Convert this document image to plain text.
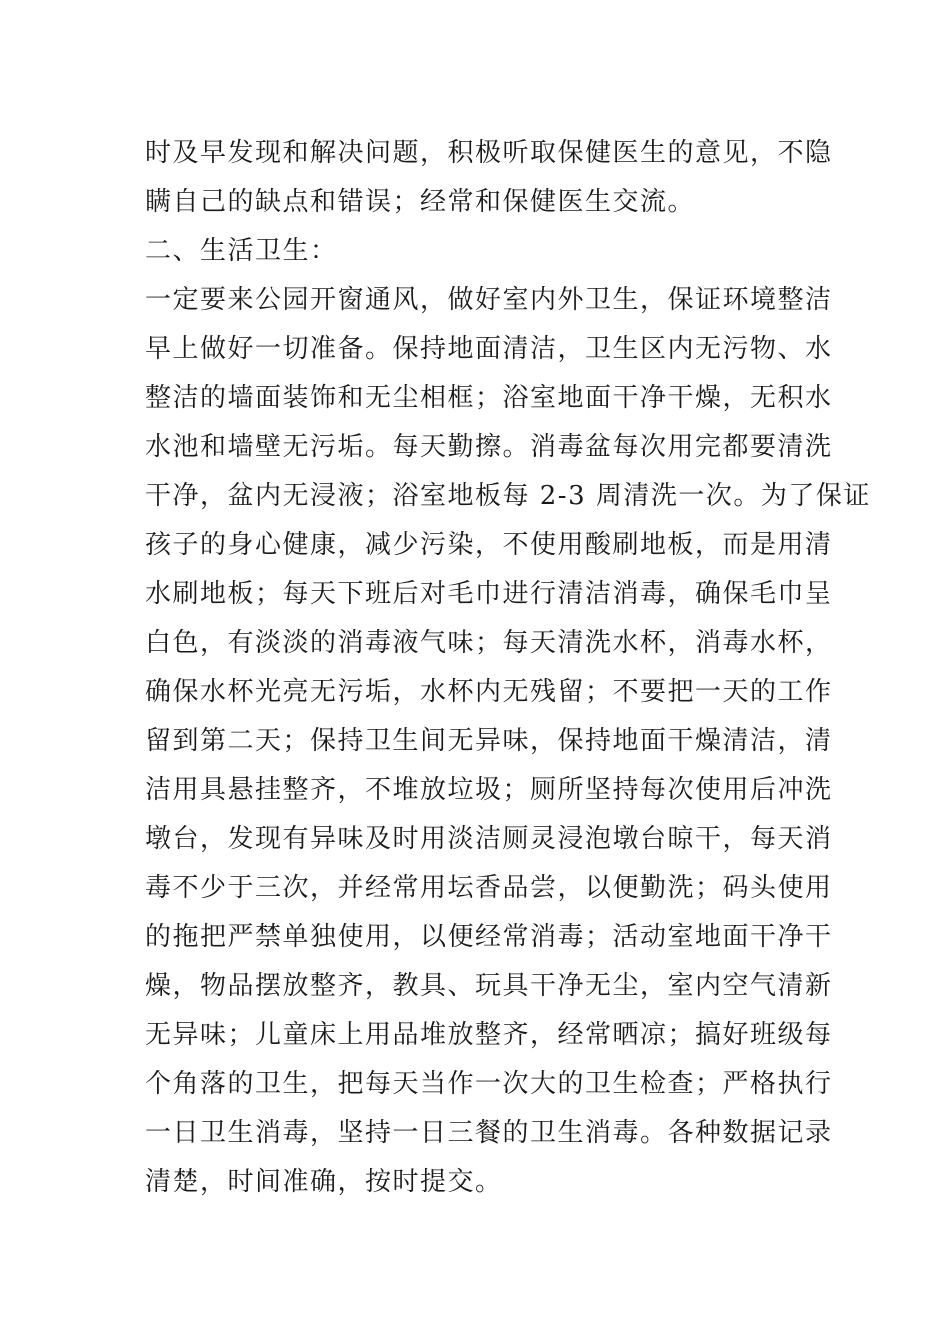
时及早发现和解决问题，积极听取保健医生的意见，不隐
瞒自己的缺点和错误；经常和保健医生交流。
二、生活卫生：
一定要来公园开窗通风，做好室内外卫生，保证环境整洁
早上做好一切准备。保持地面清洁，卫生区内无污物、水
整洁的墙面装饰和无尘相框；浴室地面干净干燥，无积水
水池和墙壁无污垢。每天勤擦。消毒盆每次用完都要清洗
干净，盆内无浸液；浴室地板每 2-3 周清洗一次。为了保证
孩子的身心健康，减少污染，不使用酸刷地板，而是用清
水刷地板；每天下班后对毛巾进行清洁消毒，确保毛巾呈
白色，有淡淡的消毒液气味；每天清洗水杯，消毒水杯，
确保水杯光亮无污垢，水杯内无残留；不要把一天的工作
留到第二天；保持卫生间无异味，保持地面干燥清洁，清
洁用具悬挂整齐，不堆放垃圾；厕所坚持每次使用后冲洗
墩台，发现有异味及时用淡洁厕灵浸泡墩台晾干，每天消
毒不少于三次，并经常用坛香品尝，以便勤洗；码头使用
的拖把严禁单独使用，以便经常消毒；活动室地面干净干
燥，物品摆放整齐，教具、玩具干净无尘，室内空气清新
无异味；儿童床上用品堆放整齐，经常晒凉；搞好班级每
个角落的卫生，把每天当作一次大的卫生检查；严格执行
一日卫生消毒，坚持一日三餐的卫生消毒。各种数据记录
清楚，时间准确，按时提交。
